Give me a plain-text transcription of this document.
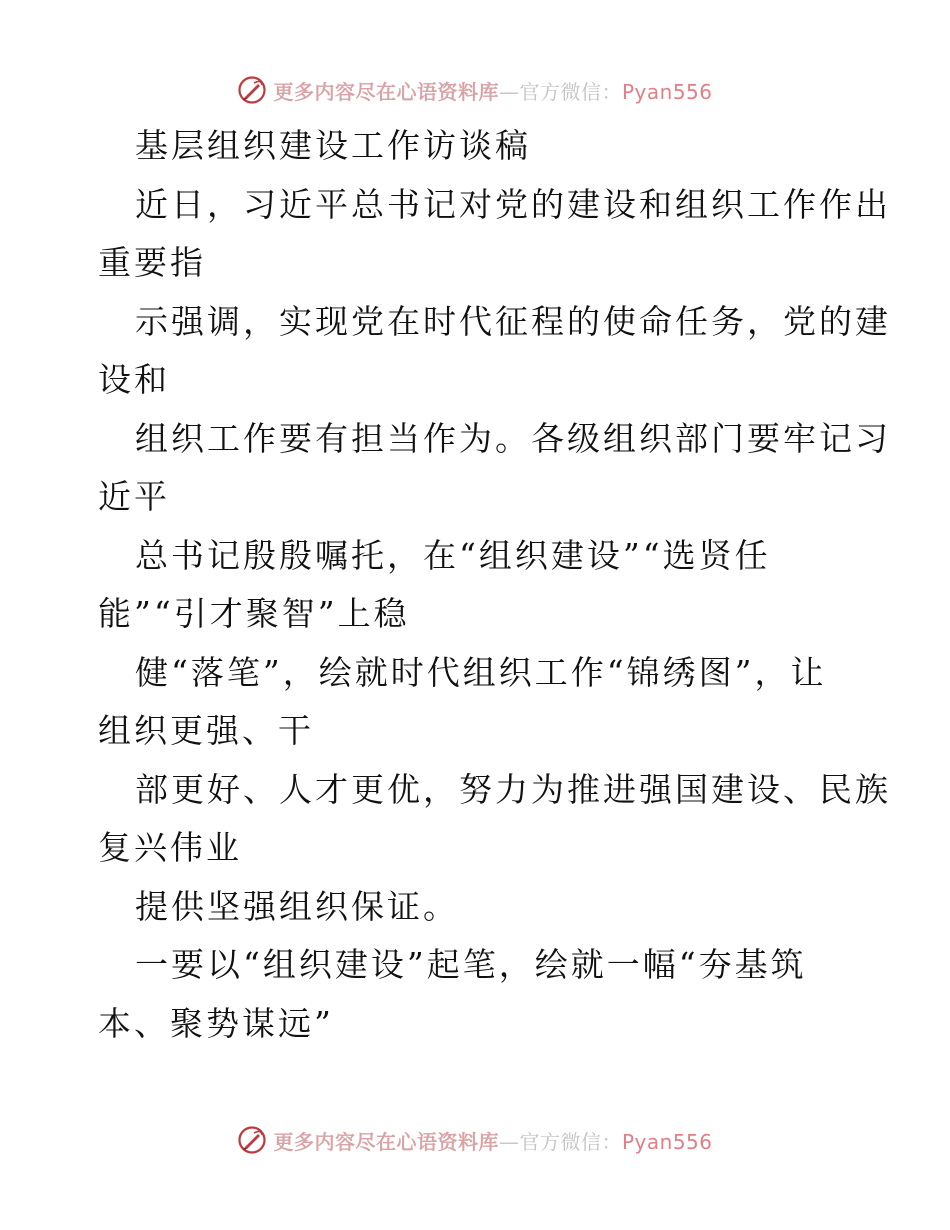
更多内容尽在心语资料库—官方微信：Pyan556
基层组织建设工作访谈稿
近日，习近平总书记对党的建设和组织工作作出
重要指
示强调，实现党在时代征程的使命任务，党的建
设和
组织工作要有担当作为。各级组织部门要牢记习
近平
总书记殷殷嘱托，在“组织建设”“选贤任
能”“引才聚智”上稳
健“落笔”，绘就时代组织工作“锦绣图”，让
组织更强、干
部更好、人才更优，努力为推进强国建设、民族
复兴伟业
提供坚强组织保证。
一要以“组织建设”起笔，绘就一幅“夯基筑
本、聚势谋远”
更多内容尽在心语资料库—官方微信：Pyan556
